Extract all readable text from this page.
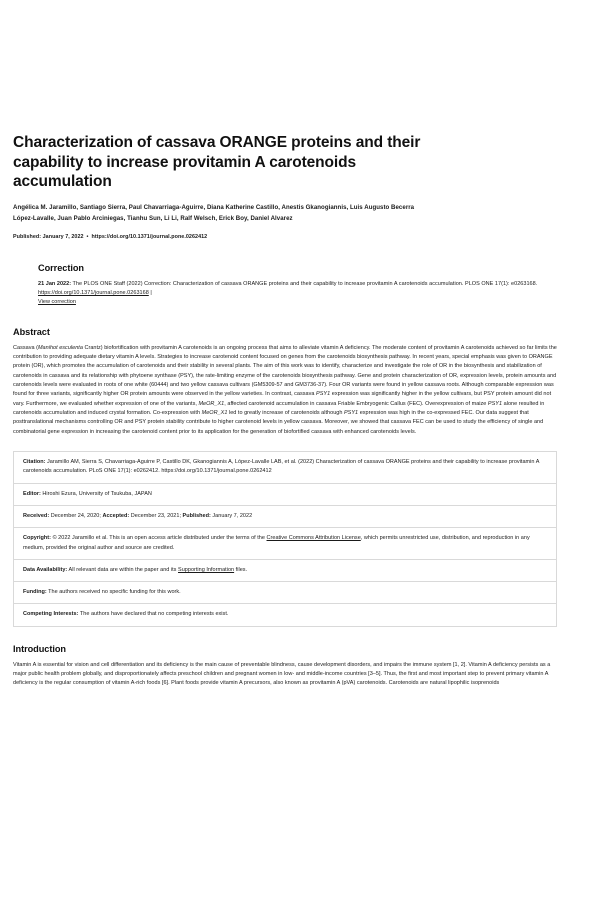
Characterization of cassava ORANGE proteins and their capability to increase provitamin A carotenoids accumulation
Angélica M. Jaramillo, Santiago Sierra, Paul Chavarriaga-Aguirre, Diana Katherine Castillo, Anestis Gkanogiannis, Luis Augusto Becerra López-Lavalle, Juan Pablo Arciniegas, Tianhu Sun, Li Li, Ralf Welsch, Erick Boy, Daniel Alvarez
Published: January 7, 2022 • https://doi.org/10.1371/journal.pone.0262412
Correction

21 Jan 2022: The PLOS ONE Staff (2022) Correction: Characterization of cassava ORANGE proteins and their capability to increase provitamin A carotenoids accumulation. PLOS ONE 17(1): e0263168. https://doi.org/10.1371/journal.pone.0263168 |
View correction

Abstract

Cassava (Manihot esculenta Crantz) biofortification with provitamin A carotenoids is an ongoing process that aims to alleviate vitamin A deficiency. The moderate content of provitamin A carotenoids achieved so far limits the contribution to providing adequate dietary vitamin A levels. Strategies to increase carotenoid content focused on genes from the carotenoids biosynthesis pathway. In recent years, special emphasis was given to ORANGE protein (OR), which promotes the accumulation of carotenoids and their stability in several plants. The aim of this work was to identify, characterize and investigate the role of OR in the biosynthesis and stabilization of carotenoids in cassava and its relationship with phytoene synthase (PSY), the rate-limiting enzyme of the carotenoids biosynthesis pathway. Gene and protein characterization of OR, expression levels, protein amounts and carotenoids levels were evaluated in roots of one white (60444) and two yellow cassava cultivars (GM5309-57 and GM3736-37). Four OR variants were found in yellow cassava roots. Although comparable expression was found for three variants, significantly higher OR protein amounts were observed in the yellow varieties. In contrast, cassava PSY1 expression was significantly higher in the yellow cultivars, but PSY protein amount did not vary. Furthermore, we evaluated whether expression of one of the variants, MeOR_X1, affected carotenoid accumulation in cassava Friable Embryogenic Callus (FEC). Overexpression of maize PSY1 alone resulted in carotenoids accumulation and induced crystal formation. Co-expression with MeOR_X1 led to greatly increase of carotenoids although PSY1 expression was high in the co-expressed FEC. Our data suggest that posttranslational mechanisms controlling OR and PSY protein stability contribute to higher carotenoid levels in yellow cassava. Moreover, we showed that cassava FEC can be used to study the efficiency of single and combinatorial gene expression in increasing the carotenoid content prior to its application for the generation of biofortified cassava with enhanced carotenoids levels.

Citation: Jaramillo AM, Sierra S, Chavarriaga-Aguirre P, Castillo DK, Gkanogiannis A, López-Lavalle LAB, et al. (2022) Characterization of cassava ORANGE proteins and their capability to increase provitamin A carotenoids accumulation. PLoS ONE 17(1): e0262412. https://doi.org/10.1371/journal.pone.0262412
Editor: Hiroshi Ezura, University of Tsukuba, JAPAN
Received: December 24, 2020; Accepted: December 23, 2021; Published: January 7, 2022
Copyright: © 2022 Jaramillo et al. This is an open access article distributed under the terms of the Creative Commons Attribution License, which permits unrestricted use, distribution, and reproduction in any medium, provided the original author and source are credited.
Data Availability: All relevant data are within the paper and its Supporting Information files.
Funding: The authors received no specific funding for this work.
Competing Interests: The authors have declared that no competing interests exist.
Introduction

Vitamin A is essential for vision and cell differentiation and its deficiency is the main cause of preventable blindness, cause development disorders, and impairs the immune system [1, 2]. Vitamin A deficiency persists as a major public health problem globally, and disproportionately affects preschool children and pregnant women in low- and middle-income countries [3–5]. Thus, the first and most important step to prevent primary vitamin A deficiency is the regular consumption of vitamin A-rich foods [6]. Plant foods provide vitamin A precursors, also known as provitamin A (pVA) carotenoids. Carotenoids are natural lipophilic isoprenoids
